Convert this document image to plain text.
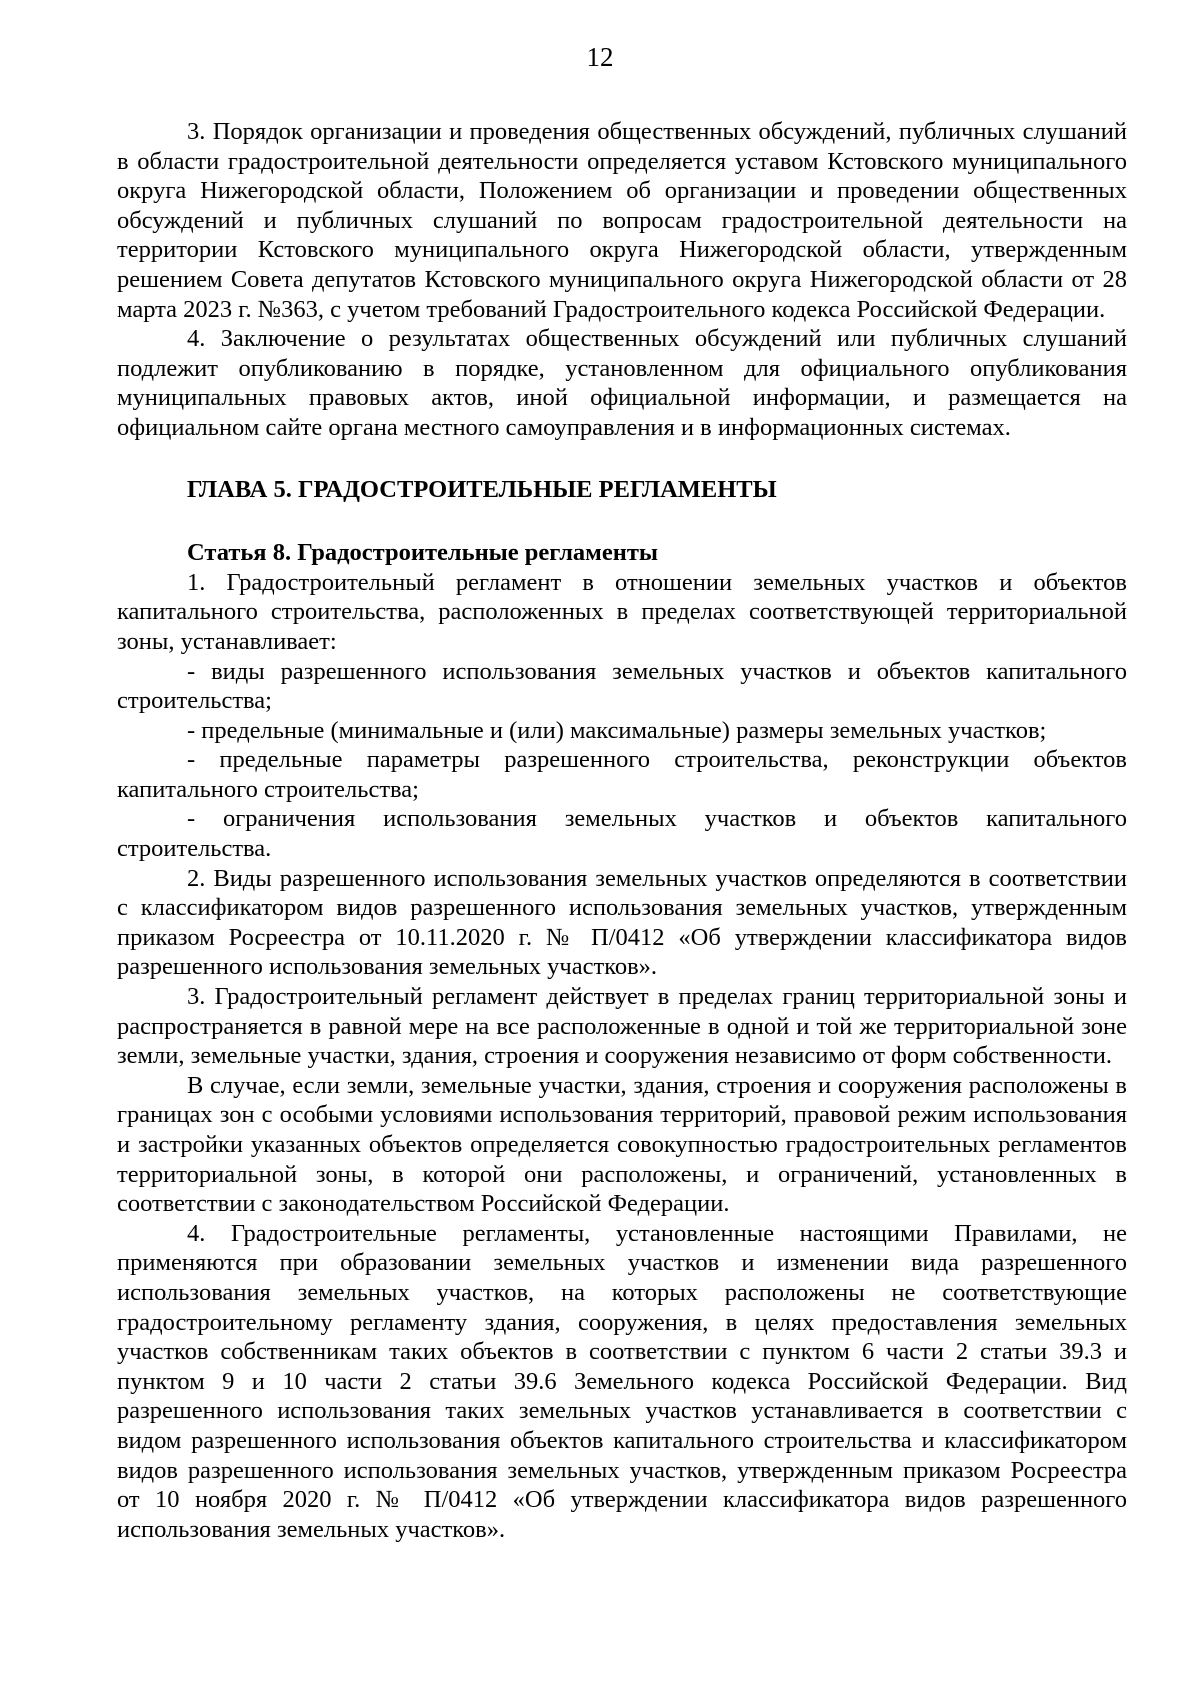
12

3. Порядок организации и проведения общественных обсуждений, публичных слушаний в области градостроительной деятельности определяется уставом Кстовского муниципального округа Нижегородской области, Положением об организации и проведении общественных обсуждений и публичных слушаний по вопросам градостроительной деятельности на территории Кстовского муниципального округа Нижегородской области, утвержденным решением Совета депутатов Кстовского муниципального округа Нижегородской области от 28 марта 2023 г. №363, с учетом требований Градостроительного кодекса Российской Федерации.

4. Заключение о результатах общественных обсуждений или публичных слушаний подлежит опубликованию в порядке, установленном для официального опубликования муниципальных правовых актов, иной официальной информации, и размещается на официальном сайте органа местного самоуправления и в информационных системах.

ГЛАВА 5. ГРАДОСТРОИТЕЛЬНЫЕ РЕГЛАМЕНТЫ
Статья 8. Градостроительные регламенты

1. Градостроительный регламент в отношении земельных участков и объектов капитального строительства, расположенных в пределах соответствующей территориальной зоны, устанавливает:

- виды разрешенного использования земельных участков и объектов капитального строительства;

- предельные (минимальные и (или) максимальные) размеры земельных участков;

- предельные параметры разрешенного строительства, реконструкции объектов капитального строительства;

- ограничения использования земельных участков и объектов капитального строительства.

2. Виды разрешенного использования земельных участков определяются в соответствии с классификатором видов разрешенного использования земельных участков, утвержденным приказом Росреестра от 10.11.2020 г. № П/0412 «Об утверждении классификатора видов разрешенного использования земельных участков».

3. Градостроительный регламент действует в пределах границ территориальной зоны и распространяется в равной мере на все расположенные в одной и той же территориальной зоне земли, земельные участки, здания, строения и сооружения независимо от форм собственности.

В случае, если земли, земельные участки, здания, строения и сооружения расположены в границах зон с особыми условиями использования территорий, правовой режим использования и застройки указанных объектов определяется совокупностью градостроительных регламентов территориальной зоны, в которой они расположены, и ограничений, установленных в соответствии с законодательством Российской Федерации.

4. Градостроительные регламенты, установленные настоящими Правилами, не применяются при образовании земельных участков и изменении вида разрешенного использования земельных участков, на которых расположены не соответствующие градостроительному регламенту здания, сооружения, в целях предоставления земельных участков собственникам таких объектов в соответствии с пунктом 6 части 2 статьи 39.3 и пунктом 9 и 10 части 2 статьи 39.6 Земельного кодекса Российской Федерации. Вид разрешенного использования таких земельных участков устанавливается в соответствии с видом разрешенного использования объектов капитального строительства и классификатором видов разрешенного использования земельных участков, утвержденным приказом Росреестра от 10 ноября 2020 г. № П/0412 «Об утверждении классификатора видов разрешенного использования земельных участков».
